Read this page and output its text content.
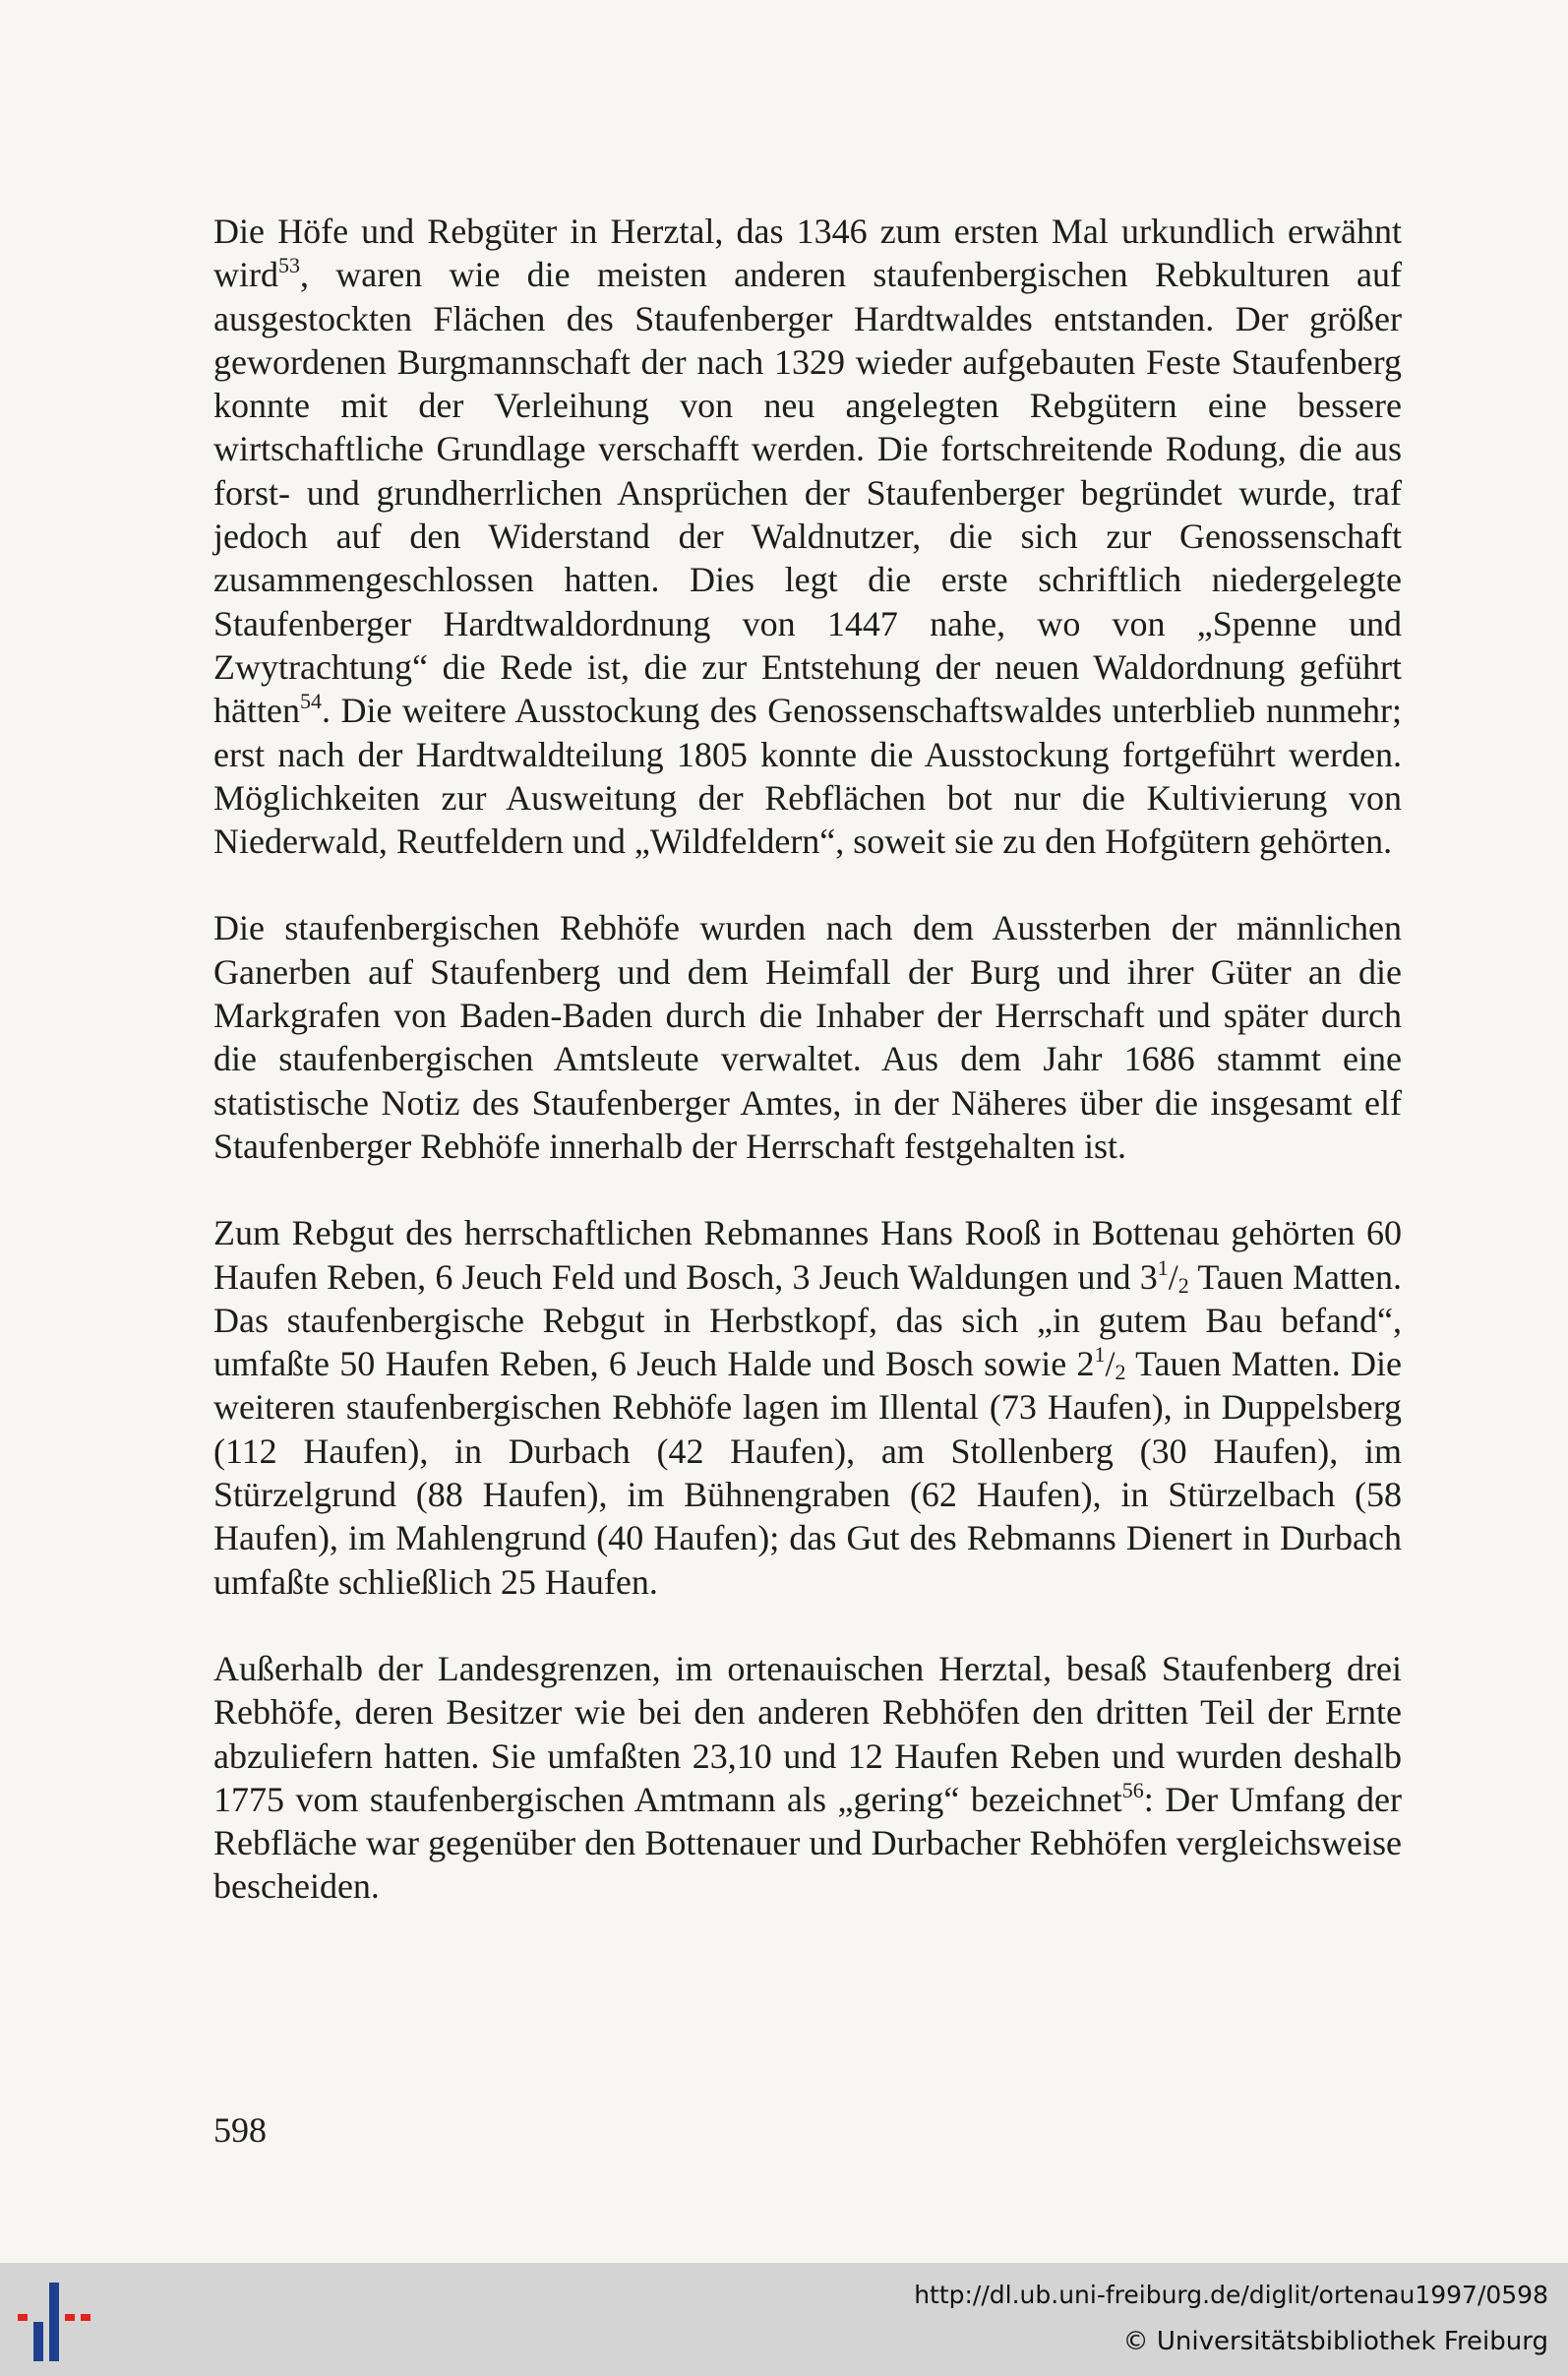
Die Höfe und Rebgüter in Herztal, das 1346 zum ersten Mal urkundlich erwähnt wird$^{53}$, waren wie die meisten anderen staufenbergischen Rebkulturen auf ausgestockten Flächen des Staufenberger Hardtwaldes entstanden. Der größer gewordenen Burgmannschaft der nach 1329 wieder aufgebauten Feste Staufenberg konnte mit der Verleihung von neu angelegten Rebgütern eine bessere wirtschaftliche Grundlage verschafft werden. Die fortschreitende Rodung, die aus forst- und grundherrlichen Ansprüchen der Staufenberger begründet wurde, traf jedoch auf den Widerstand der Waldnutzer, die sich zur Genossenschaft zusammengeschlossen hatten. Dies legt die erste schriftlich niedergelegte Staufenberger Hardtwaldordnung von 1447 nahe, wo von „Spenne und Zwytrachtung“ die Rede ist, die zur Entstehung der neuen Waldordnung geführt hätten$^{54}$. Die weitere Ausstockung des Genossenschaftswaldes unterblieb nunmehr; erst nach der Hardtwaldteilung 1805 konnte die Ausstockung fortgeführt werden. Möglichkeiten zur Ausweitung der Rebflächen bot nur die Kultivierung von Niederwald, Reutfeldern und „Wildfeldern“, soweit sie zu den Hofgütern gehörten.

Die staufenbergischen Rebhöfe wurden nach dem Aussterben der männlichen Ganerben auf Staufenberg und dem Heimfall der Burg und ihrer Güter an die Markgrafen von Baden-Baden durch die Inhaber der Herrschaft und später durch die staufenbergischen Amtsleute verwaltet. Aus dem Jahr 1686 stammt eine statistische Notiz des Staufenberger Amtes, in der Näheres über die insgesamt elf Staufenberger Rebhöfe innerhalb der Herrschaft festgehalten ist.

Zum Rebgut des herrschaftlichen Rebmannes Hans Rooß in Bottenau gehörten 60 Haufen Reben, 6 Jeuch Feld und Bosch, 3 Jeuch Waldungen und $3^1/_2$ Tauen Matten. Das staufenbergische Rebgut in Herbstkopf, das sich „in gutem Bau befand“, umfaßte 50 Haufen Reben, 6 Jeuch Halde und Bosch sowie $2^1/_2$ Tauen Matten. Die weiteren staufenbergischen Rebhöfe lagen im Illental (73 Haufen), in Duppelsberg (112 Haufen), in Durbach (42 Haufen), am Stollenberg (30 Haufen), im Stürzelgrund (88 Haufen), im Bühnengraben (62 Haufen), in Stürzelbach (58 Haufen), im Mahlengrund (40 Haufen); das Gut des Rebmanns Dienert in Durbach umfaßte schließlich 25 Haufen.

Außerhalb der Landesgrenzen, im ortenauischen Herztal, besaß Staufenberg drei Rebhöfe, deren Besitzer wie bei den anderen Rebhöfen den dritten Teil der Ernte abzuliefern hatten. Sie umfaßten 23,10 und 12 Haufen Reben und wurden deshalb 1775 vom staufenbergischen Amtmann als „gering“ bezeichnet$^{56}$: Der Umfang der Rebfläche war gegenüber den Bottenauer und Durbacher Rebhöfen vergleichsweise bescheiden.

598
http://dl.ub.uni-freiburg.de/diglit/ortenau1997/0598
© Universitätsbibliothek Freiburg
